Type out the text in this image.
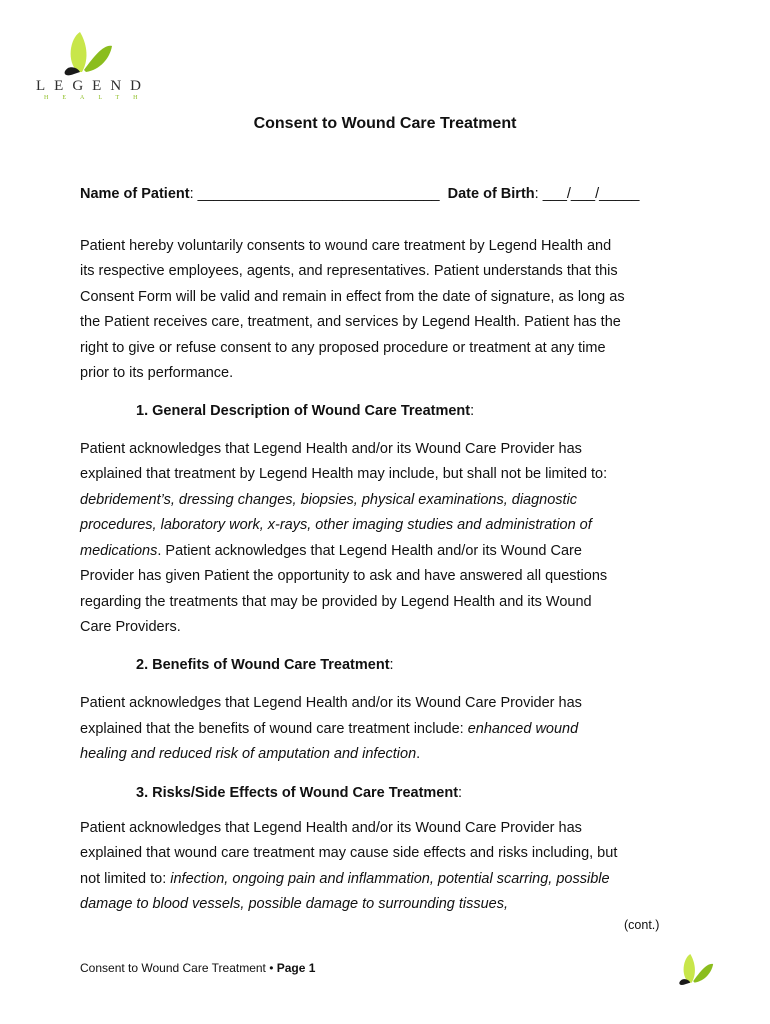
LEGEND
HEALTH
Consent to Wound Care Treatment
Name of Patient: ______________________________ Date of Birth: ___/___/_____
Patient hereby voluntarily consents to wound care treatment by Legend Health and
its respective employees, agents, and representatives. Patient understands that this
Consent Form will be valid and remain in effect from the date of signature, as long as
the Patient receives care, treatment, and services by Legend Health. Patient has the
right to give or refuse consent to any proposed procedure or treatment at any time
prior to its performance.
1. General Description of Wound Care Treatment:
Patient acknowledges that Legend Health and/or its Wound Care Provider has
explained that treatment by Legend Health may include, but shall not be limited to:
debridement’s, dressing changes, biopsies, physical examinations, diagnostic
procedures, laboratory work, x-rays, other imaging studies and administration of
medications. Patient acknowledges that Legend Health and/or its Wound Care
Provider has given Patient the opportunity to ask and have answered all questions
regarding the treatments that may be provided by Legend Health and its Wound
Care Providers.
2. Benefits of Wound Care Treatment:
Patient acknowledges that Legend Health and/or its Wound Care Provider has
explained that the benefits of wound care treatment include: enhanced wound
healing and reduced risk of amputation and infection.
3. Risks/Side Effects of Wound Care Treatment:
Patient acknowledges that Legend Health and/or its Wound Care Provider has
explained that wound care treatment may cause side effects and risks including, but
not limited to: infection, ongoing pain and inflammation, potential scarring, possible
damage to blood vessels, possible damage to surrounding tissues,
(cont.)
Consent to Wound Care Treatment • Page 1
